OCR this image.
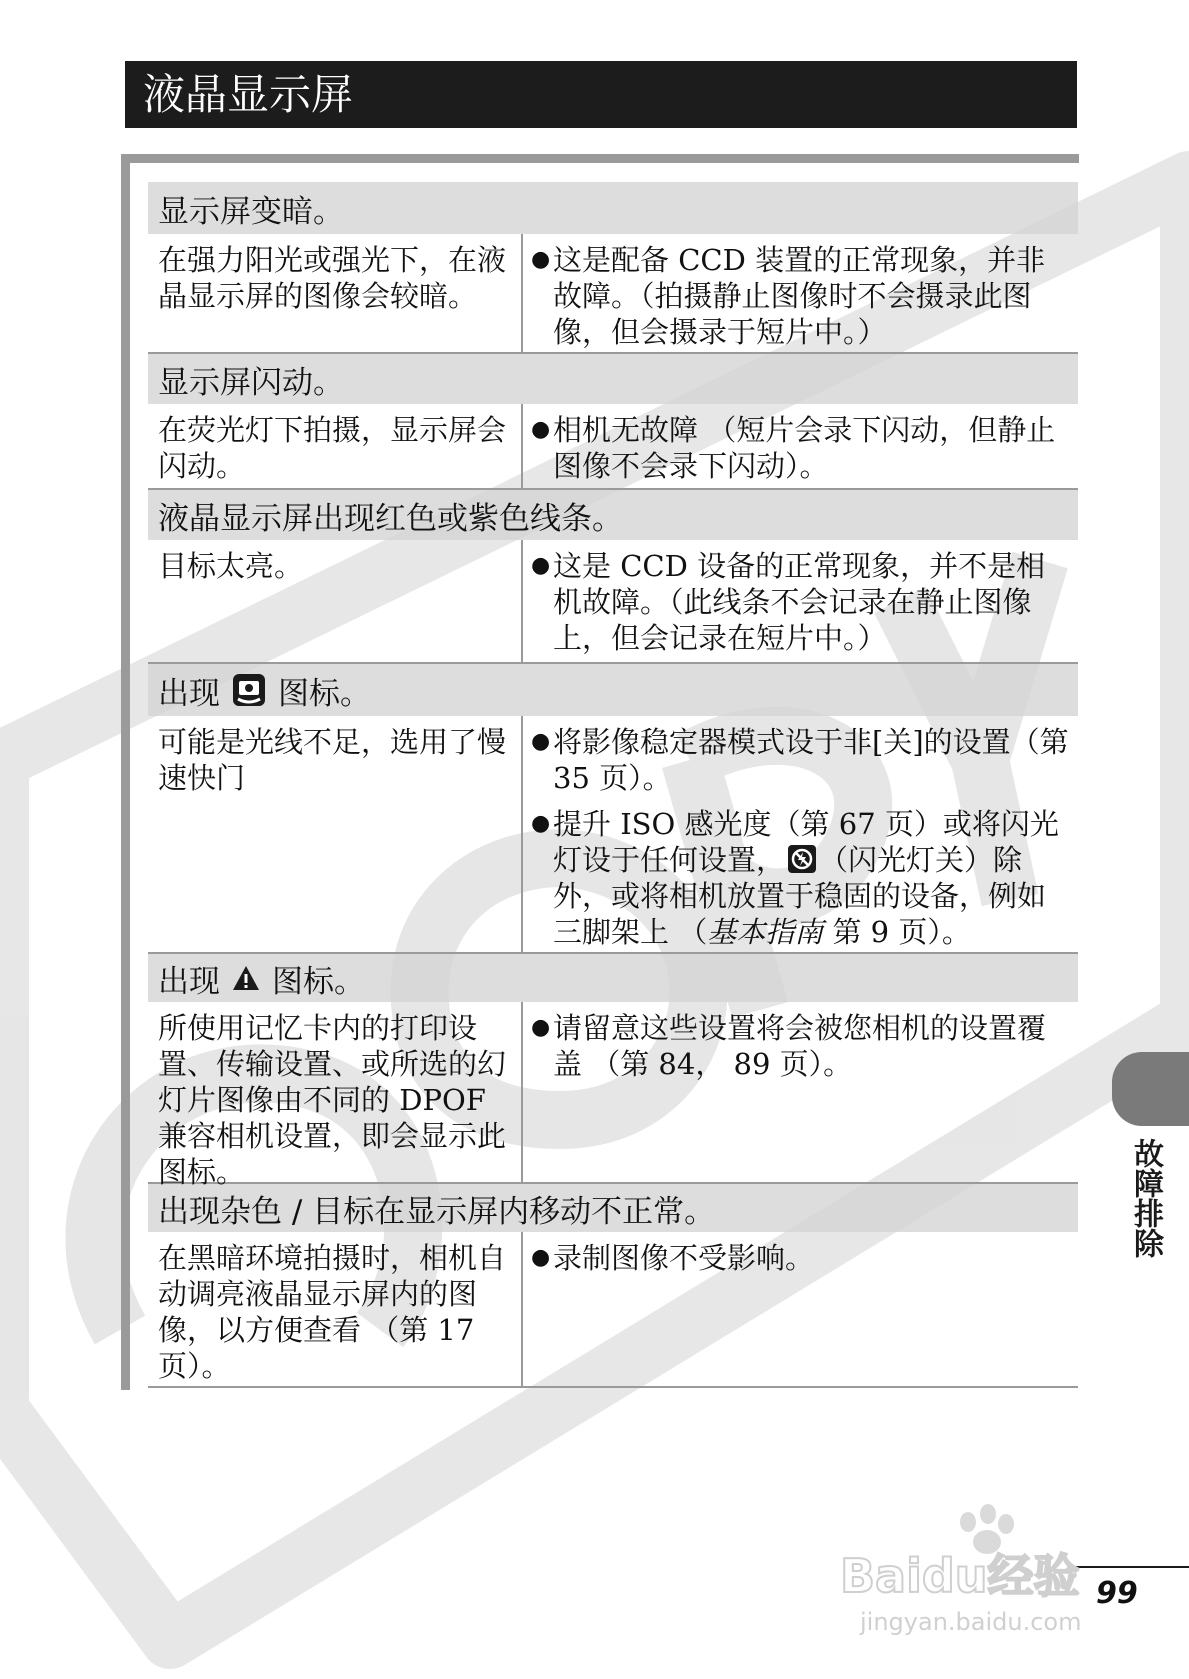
液晶显示屏
显示屏变暗。
在强力阳光或强光下，在液晶显示屏的图像会较暗。
● 这是配备 CCD 装置的正常现象，并非故障。（拍摄静止图像时不会摄录此图像，但会摄录于短片中。）
显示屏闪动。
在荧光灯下拍摄，显示屏会闪动。
● 相机无故障 （短片会录下闪动，但静止图像不会录下闪动）。
液晶显示屏出现红色或紫色线条。
目标太亮。	● 这是 CCD 设备的正常现象，并不是相机故障。（此线条不会记录在静止图像上，但会记录在短片中。）
出现 图标。
可能是光线不足，选用了慢速快门
● 将影像稳定器模式设于非[关]的设置（第 35 页）。
● 提升 ISO 感光度（第 67 页）或将闪光灯设于任何设置， （闪光灯关）除外，或将相机放置于稳固的设备，例如三脚架上 （基本指南 第 9 页）。
出现 图标。
所使用记忆卡内的打印设置、传输设置、或所选的幻灯片图像由不同的 DPOF 兼容相机设置，即会显示此图标。
● 请留意这些设置将会被您相机的设置覆盖 （第 84， 89 页）。
出现杂色 / 目标在显示屏内移动不正常。
在黑暗环境拍摄时，相机自动调亮液晶显示屏内的图像，以方便查看 （第 17 页）。
● 录制图像不受影响。	故障排除
99
Baidu经验
jingyan.baidu.com
